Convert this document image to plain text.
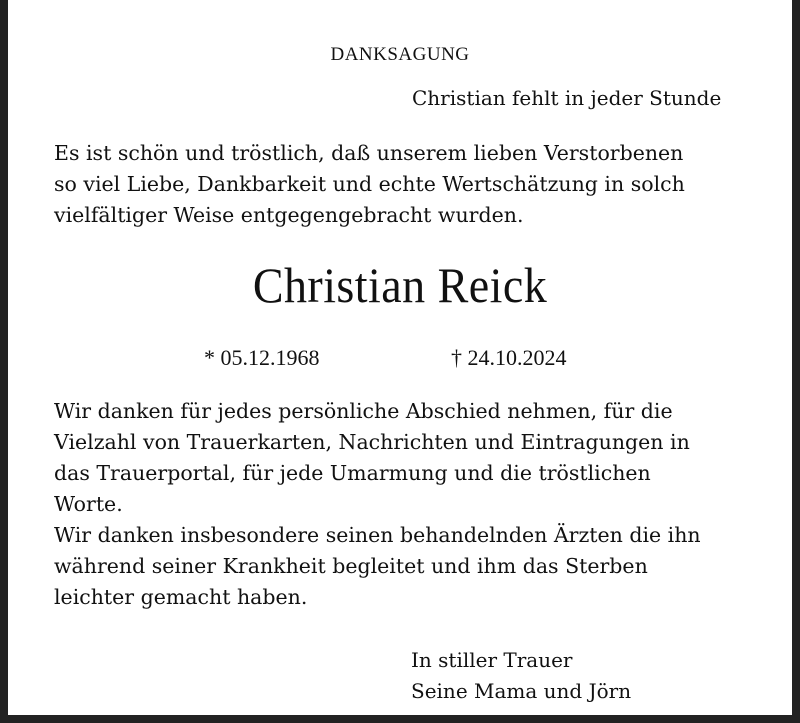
DANKSAGUNG
Christian fehlt in jeder Stunde
Es ist schön und tröstlich, daß unserem lieben Verstorbenen
so viel Liebe, Dankbarkeit und echte Wertschätzung in solch
vielfältiger Weise entgegengebracht wurden.
Christian Reick
* 05.12.1968	† 24.10.2024
Wir danken für jedes persönliche Abschied nehmen, für die
Vielzahl von Trauerkarten, Nachrichten und Eintragungen in
das Trauerportal, für jede Umarmung und die tröstlichen
Worte.
Wir danken insbesondere seinen behandelnden Ärzten die ihn
während seiner Krankheit begleitet und ihm das Sterben
leichter gemacht haben.
In stiller Trauer
Seine Mama und Jörn
